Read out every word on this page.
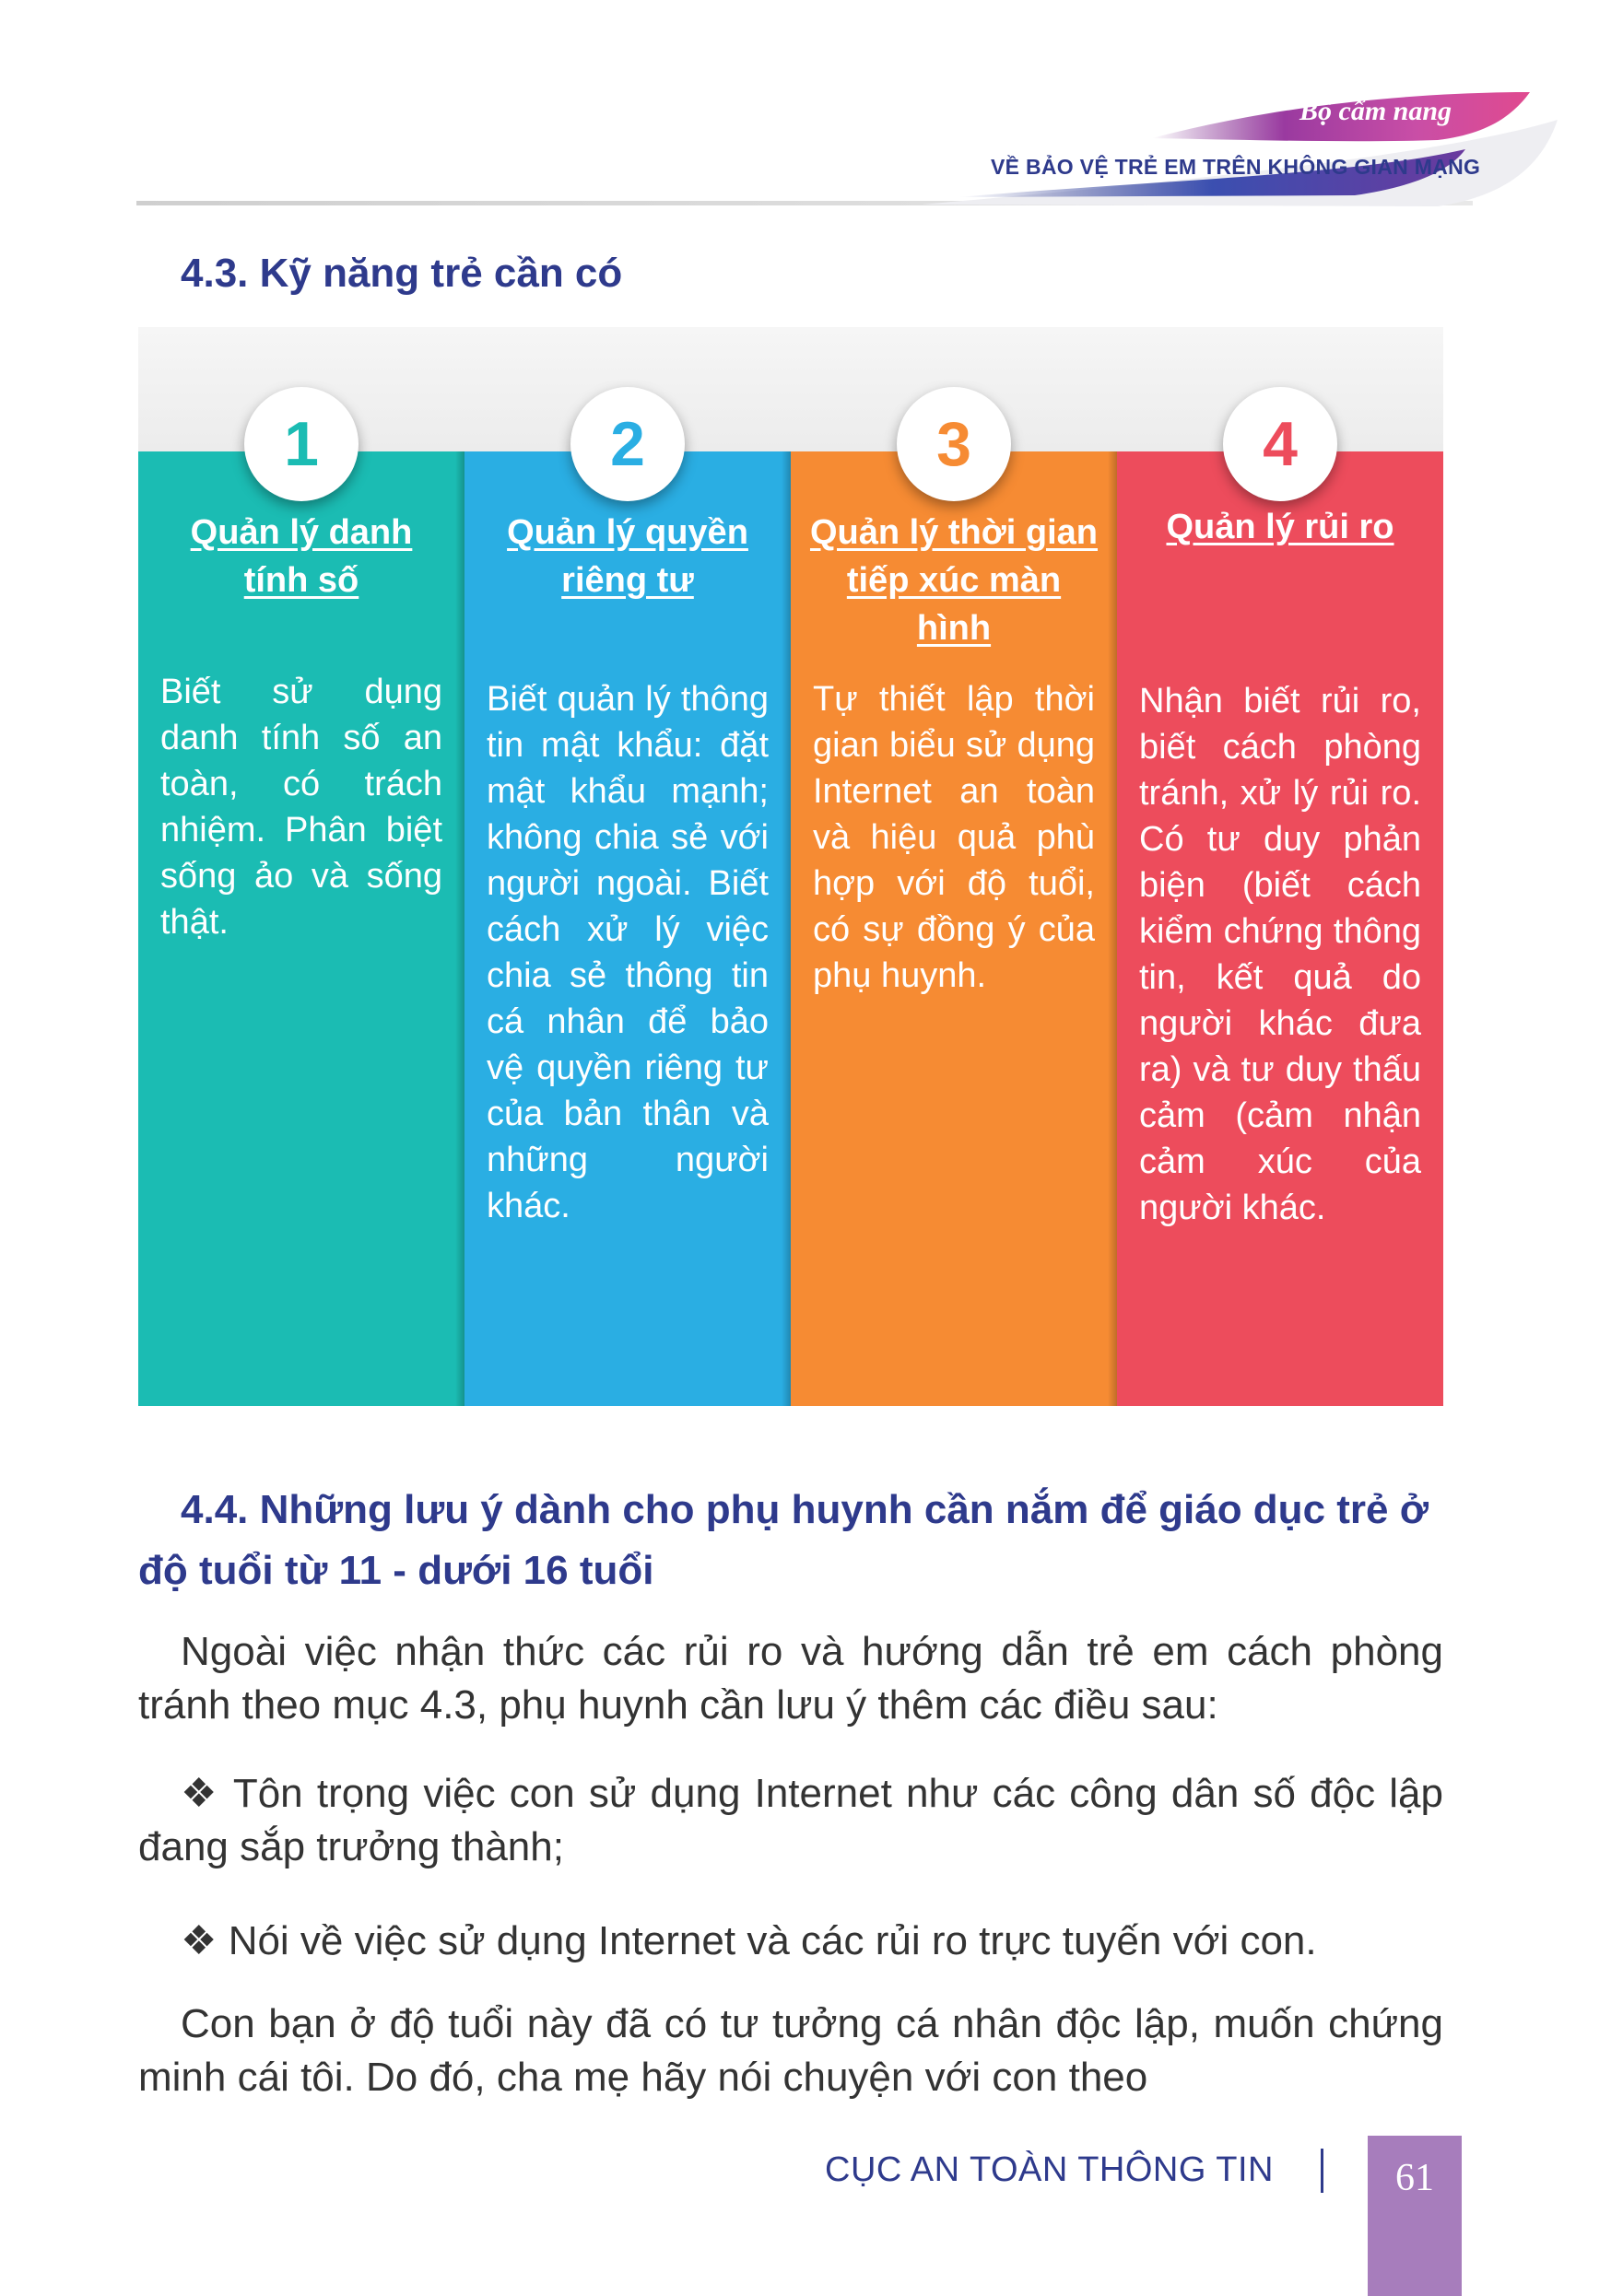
Bộ cẩm nang
VỀ BẢO VỆ TRẺ EM TRÊN KHÔNG GIAN MẠNG
4.3. Kỹ năng trẻ cần có
1
Quản lý danh tính số
Biết sử dụng danh tính số an toàn, có trách nhiệm. Phân biệt sống ảo và sống thật.
2
Quản lý quyền riêng tư
Biết quản lý thông tin mật khẩu: đặt mật khẩu mạnh; không chia sẻ với người ngoài. Biết cách xử lý việc chia sẻ thông tin cá nhân để bảo vệ quyền riêng tư của bản thân và những người khác.
3
Quản lý thời gian tiếp xúc màn hình
Tự thiết lập thời gian biểu sử dụng Internet an toàn và hiệu quả phù hợp với độ tuổi, có sự đồng ý của phụ huynh.
4
Quản lý rủi ro
Nhận biết rủi ro, biết cách phòng tránh, xử lý rủi ro. Có tư duy phản biện (biết cách kiểm chứng thông tin, kết quả do người khác đưa ra) và tư duy thấu cảm (cảm nhận cảm xúc của người khác.
4.4. Những lưu ý dành cho phụ huynh cần nắm để giáo dục trẻ ở độ tuổi từ 11 - dưới 16 tuổi
Ngoài việc nhận thức các rủi ro và hướng dẫn trẻ em cách phòng tránh theo mục 4.3, phụ huynh cần lưu ý thêm các điều sau:
❖ Tôn trọng việc con sử dụng Internet như các công dân số độc lập đang sắp trưởng thành;
❖ Nói về việc sử dụng Internet và các rủi ro trực tuyến với con.
Con bạn ở độ tuổi này đã có tư tưởng cá nhân độc lập, muốn chứng minh cái tôi. Do đó, cha mẹ hãy nói chuyện với con theo
CỤC AN TOÀN THÔNG TIN	61
